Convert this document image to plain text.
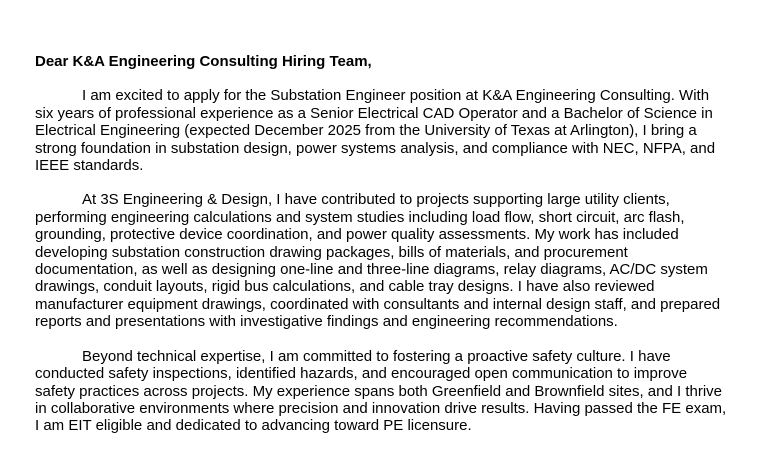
Dear K&A Engineering Consulting Hiring Team,
I am excited to apply for the Substation Engineer position at K&A Engineering Consulting. With
six years of professional experience as a Senior Electrical CAD Operator and a Bachelor of Science in
Electrical Engineering (expected December 2025 from the University of Texas at Arlington), I bring a
strong foundation in substation design, power systems analysis, and compliance with NEC, NFPA, and
IEEE standards.
At 3S Engineering & Design, I have contributed to projects supporting large utility clients,
performing engineering calculations and system studies including load flow, short circuit, arc flash,
grounding, protective device coordination, and power quality assessments. My work has included
developing substation construction drawing packages, bills of materials, and procurement
documentation, as well as designing one-line and three-line diagrams, relay diagrams, AC/DC system
drawings, conduit layouts, rigid bus calculations, and cable tray designs. I have also reviewed
manufacturer equipment drawings, coordinated with consultants and internal design staff, and prepared
reports and presentations with investigative findings and engineering recommendations.
Beyond technical expertise, I am committed to fostering a proactive safety culture. I have
conducted safety inspections, identified hazards, and encouraged open communication to improve
safety practices across projects. My experience spans both Greenfield and Brownfield sites, and I thrive
in collaborative environments where precision and innovation drive results. Having passed the FE exam,
I am EIT eligible and dedicated to advancing toward PE licensure.
